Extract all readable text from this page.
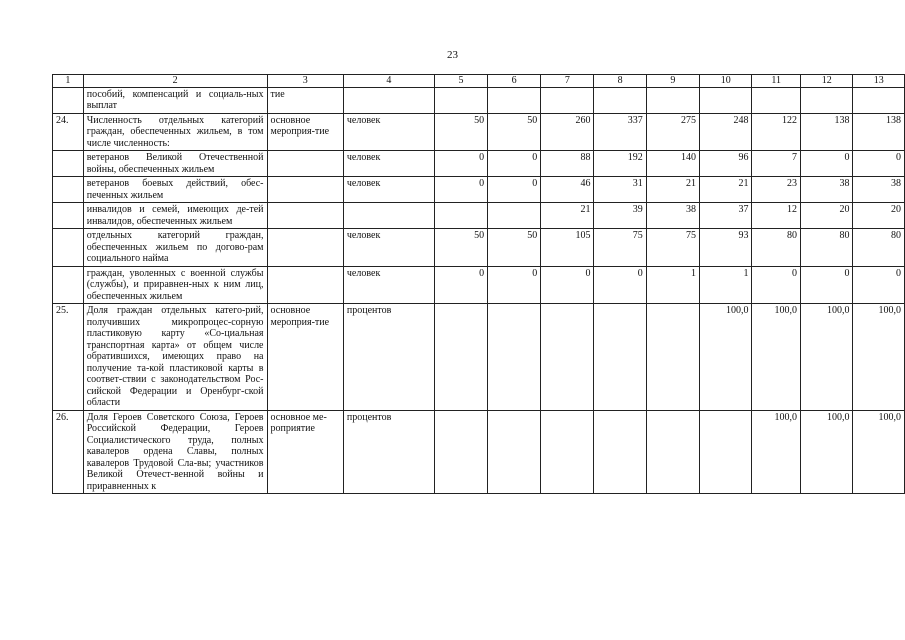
23
1	2	3	4	5	6	7	8	9	10	11	12	13
	пособий, компенсаций и социаль-ных выплат	тие										
24.	Численность отдельных категорий граждан, обеспеченных жильем, в том числе численность:	основное мероприя-тие	человек	50	50	260	337	275	248	122	138	138
	ветеранов Великой Отечественной войны, обеспеченных жильем		человек	0	0	88	192	140	96	7	0	0
	ветеранов боевых действий, обес-печенных жильем		человек	0	0	46	31	21	21	23	38	38
	инвалидов и семей, имеющих де-тей инвалидов, обеспеченных жильем					21	39	38	37	12	20	20
	отдельных категорий граждан, обеспеченных жильем по догово-рам социального найма		человек	50	50	105	75	75	93	80	80	80
	граждан, уволенных с военной службы (службы), и приравнен-ных к ним лиц, обеспеченных жильем		человек	0	0	0	0	1	1	0	0	0
25.	Доля граждан отдельных катего-рий, получивших микропроцес-сорную пластиковую карту «Со-циальная транспортная карта» от общем числе обратившихся, имеющих право на получение та-кой пластиковой карты в соответ-ствии с законодательством Рос-сийской Федерации и Оренбург-ской области	основное мероприя-тие	процентов						100,0	100,0	100,0	100,0
26.	Доля Героев Советского Союза, Героев Российской Федерации, Героев Социалистического труда, полных кавалеров ордена Славы, полных кавалеров Трудовой Сла-вы; участников Великой Отечест-венной войны и приравненных к	основное ме-роприятие	процентов							100,0	100,0	100,0
